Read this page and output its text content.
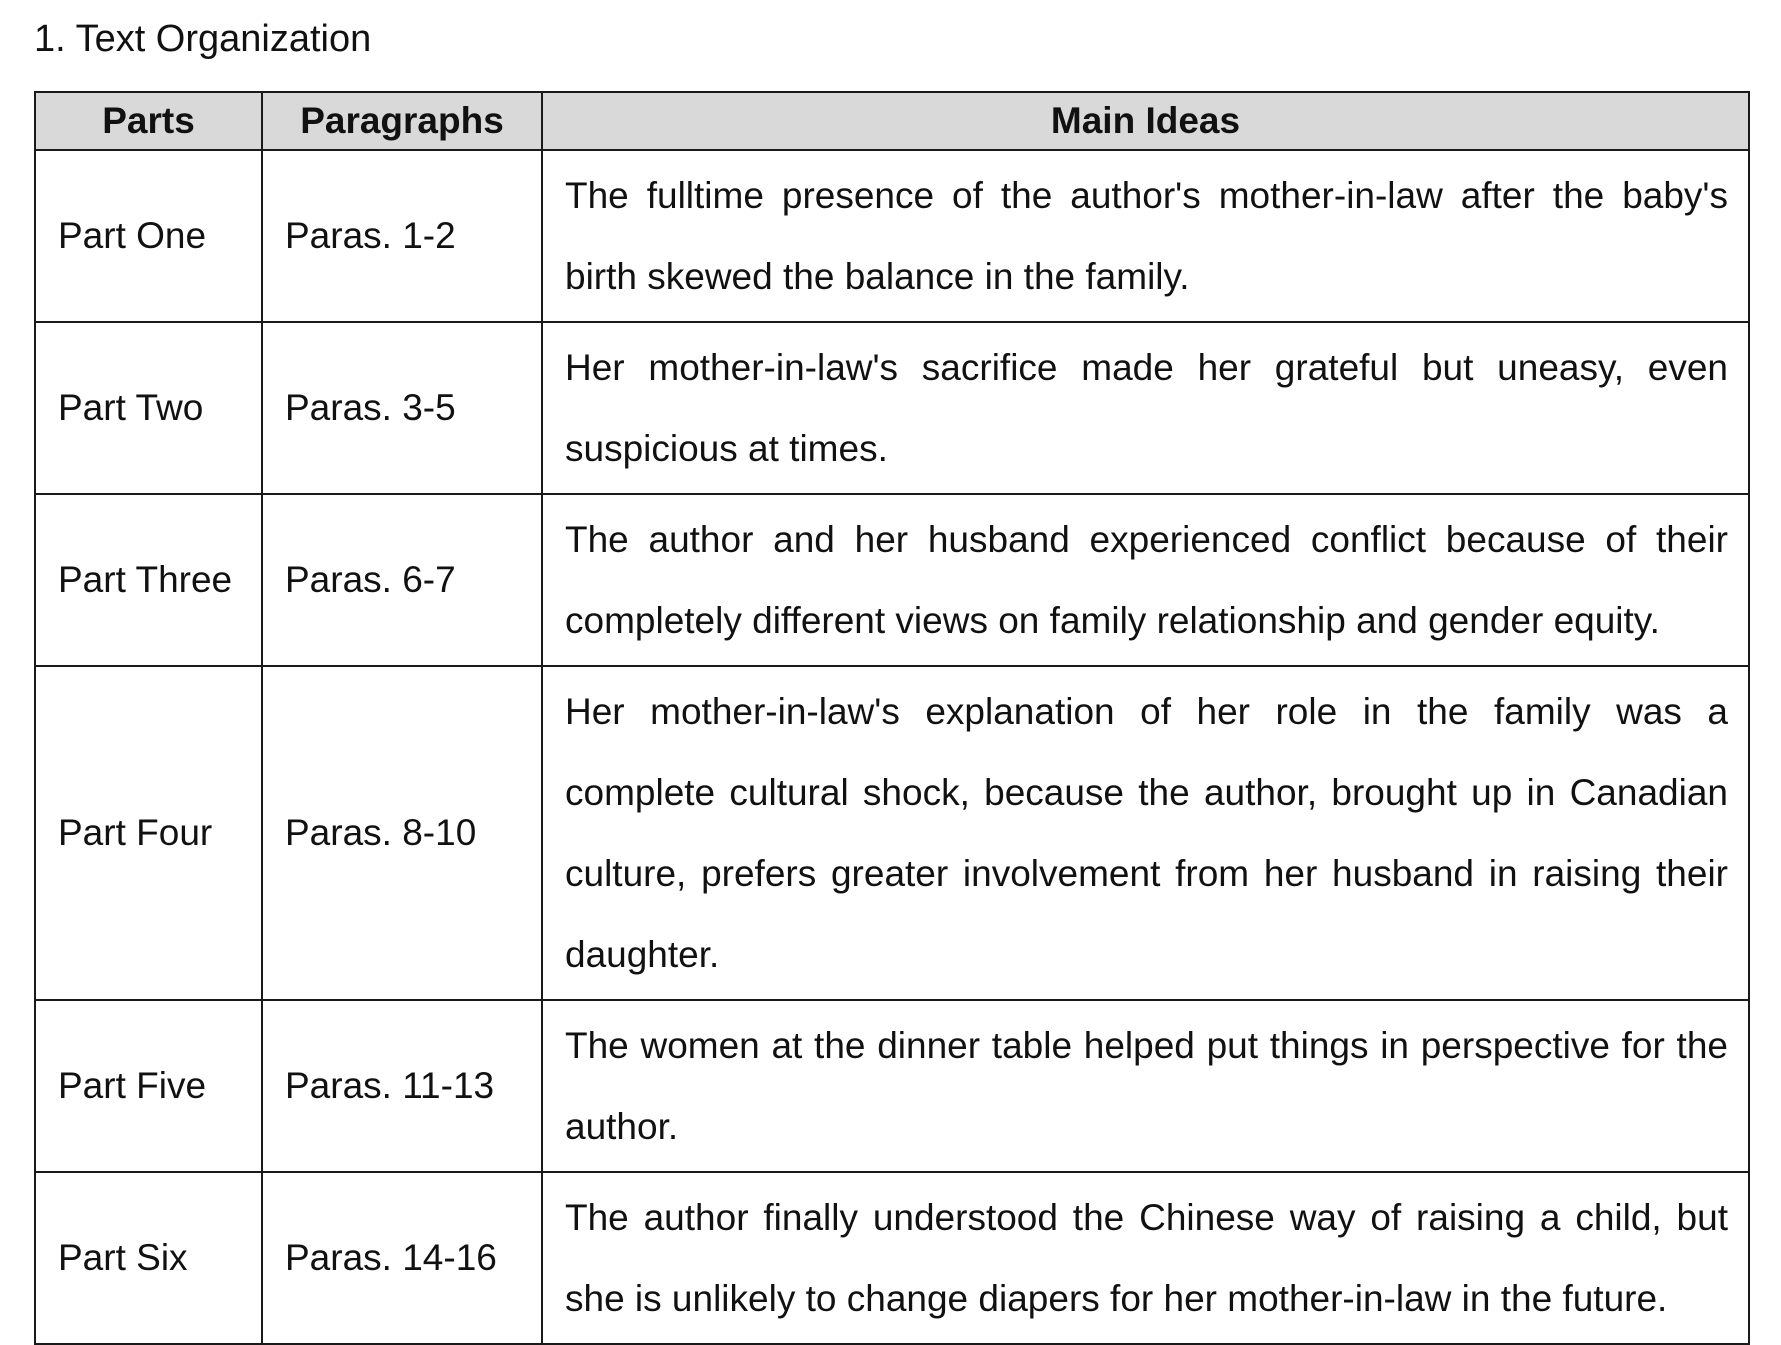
1. Text Organization
Parts	Paragraphs	Main Ideas
Part One	Paras. 1-2	The fulltime presence of the author's mother-in-law after the baby's birth skewed the balance in the family.
Part Two	Paras. 3-5	Her mother-in-law's sacrifice made her grateful but uneasy, even suspicious at times.
Part Three	Paras. 6-7	The author and her husband experienced conflict because of their completely different views on family relationship and gender equity.
Part Four	Paras. 8-10	Her mother-in-law's explanation of her role in the family was a complete cultural shock, because the author, brought up in Canadian culture, prefers greater involvement from her husband in raising their daughter.
Part Five	Paras. 11-13	The women at the dinner table helped put things in perspective for the author.
Part Six	Paras. 14-16	The author finally understood the Chinese way of raising a child, but she is unlikely to change diapers for her mother-in-law in the future.
